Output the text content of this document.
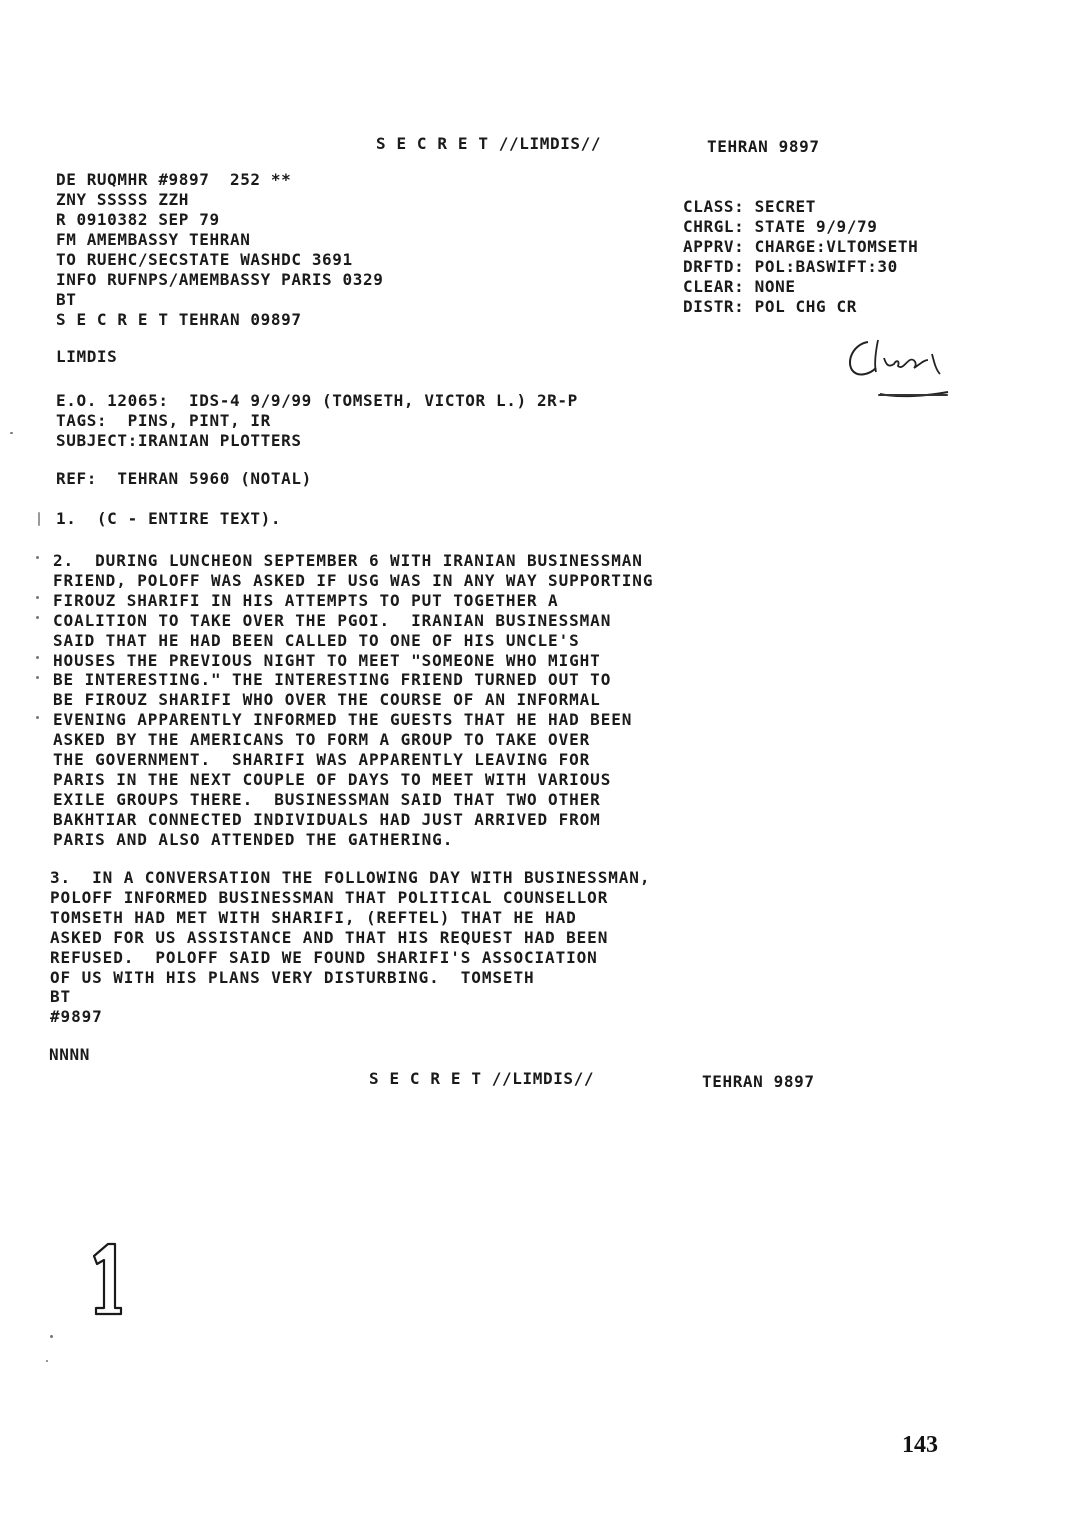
S E C R E T //LIMDIS//	TEHRAN 9897
DE RUQMHR #9897  252 **
ZNY SSSSS ZZH
R 0910382 SEP 79
FM AMEMBASSY TEHRAN
TO RUEHC/SECSTATE WASHDC 3691
INFO RUFNPS/AMEMBASSY PARIS 0329
BT
S E C R E T TEHRAN 09897
CLASS: SECRET
CHRGL: STATE 9/9/79
APPRV: CHARGE:VLTOMSETH
DRFTD: POL:BASWIFT:30
CLEAR: NONE
DISTR: POL CHG CR
LIMDIS
E.O. 12065:  IDS-4 9/9/99 (TOMSETH, VICTOR L.) 2R-P
TAGS:  PINS, PINT, IR
SUBJECT:IRANIAN PLOTTERS
REF:  TEHRAN 5960 (NOTAL)
1.  (C - ENTIRE TEXT).
2.  DURING LUNCHEON SEPTEMBER 6 WITH IRANIAN BUSINESSMAN
FRIEND, POLOFF WAS ASKED IF USG WAS IN ANY WAY SUPPORTING
FIROUZ SHARIFI IN HIS ATTEMPTS TO PUT TOGETHER A
COALITION TO TAKE OVER THE PGOI.  IRANIAN BUSINESSMAN
SAID THAT HE HAD BEEN CALLED TO ONE OF HIS UNCLE'S
HOUSES THE PREVIOUS NIGHT TO MEET "SOMEONE WHO MIGHT
BE INTERESTING." THE INTERESTING FRIEND TURNED OUT TO
BE FIROUZ SHARIFI WHO OVER THE COURSE OF AN INFORMAL
EVENING APPARENTLY INFORMED THE GUESTS THAT HE HAD BEEN
ASKED BY THE AMERICANS TO FORM A GROUP TO TAKE OVER
THE GOVERNMENT.  SHARIFI WAS APPARENTLY LEAVING FOR
PARIS IN THE NEXT COUPLE OF DAYS TO MEET WITH VARIOUS
EXILE GROUPS THERE.  BUSINESSMAN SAID THAT TWO OTHER
BAKHTIAR CONNECTED INDIVIDUALS HAD JUST ARRIVED FROM
PARIS AND ALSO ATTENDED THE GATHERING.
3.  IN A CONVERSATION THE FOLLOWING DAY WITH BUSINESSMAN,
POLOFF INFORMED BUSINESSMAN THAT POLITICAL COUNSELLOR
TOMSETH HAD MET WITH SHARIFI, (REFTEL) THAT HE HAD
ASKED FOR US ASSISTANCE AND THAT HIS REQUEST HAD BEEN
REFUSED.  POLOFF SAID WE FOUND SHARIFI'S ASSOCIATION
OF US WITH HIS PLANS VERY DISTURBING.  TOMSETH
BT
#9897
NNNN
S E C R E T //LIMDIS//	TEHRAN 9897
143
